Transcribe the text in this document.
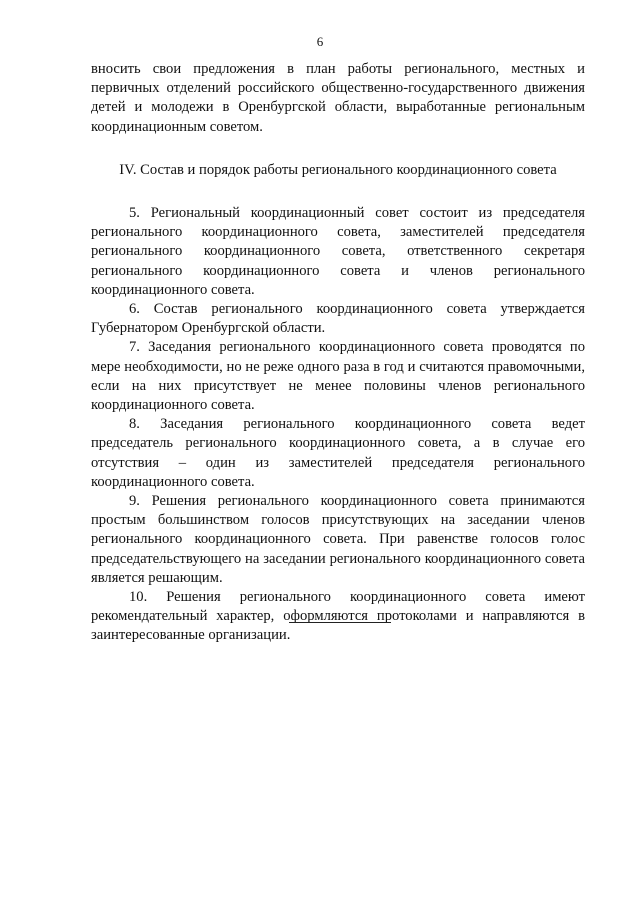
6

вносить свои предложения в план работы регионального, местных и первичных отделений российского общественно-государственного движения детей и молодежи в Оренбургской области, выработанные региональным координационным советом.

IV. Состав и порядок работы регионального координационного совета

5. Региональный координационный совет состоит из председателя регионального координационного совета, заместителей председателя регионального координационного совета, ответственного секретаря регионального координационного совета и членов регионального координационного совета.

6. Состав регионального координационного совета утверждается Губернатором Оренбургской области.

7. Заседания регионального координационного совета проводятся по мере необходимости, но не реже одного раза в год и считаются правомочными, если на них присутствует не менее половины членов регионального координационного совета.

8. Заседания регионального координационного совета ведет председатель регионального координационного совета, а в случае его отсутствия – один из заместителей председателя регионального координационного совета.

9. Решения регионального координационного совета принимаются простым большинством голосов присутствующих на заседании членов регионального координационного совета. При равенстве голосов голос председательствующего на заседании регионального координационного совета является решающим.

10. Решения регионального координационного совета имеют рекомендательный характер, оформляются протоколами и направляются в заинтересованные организации.
